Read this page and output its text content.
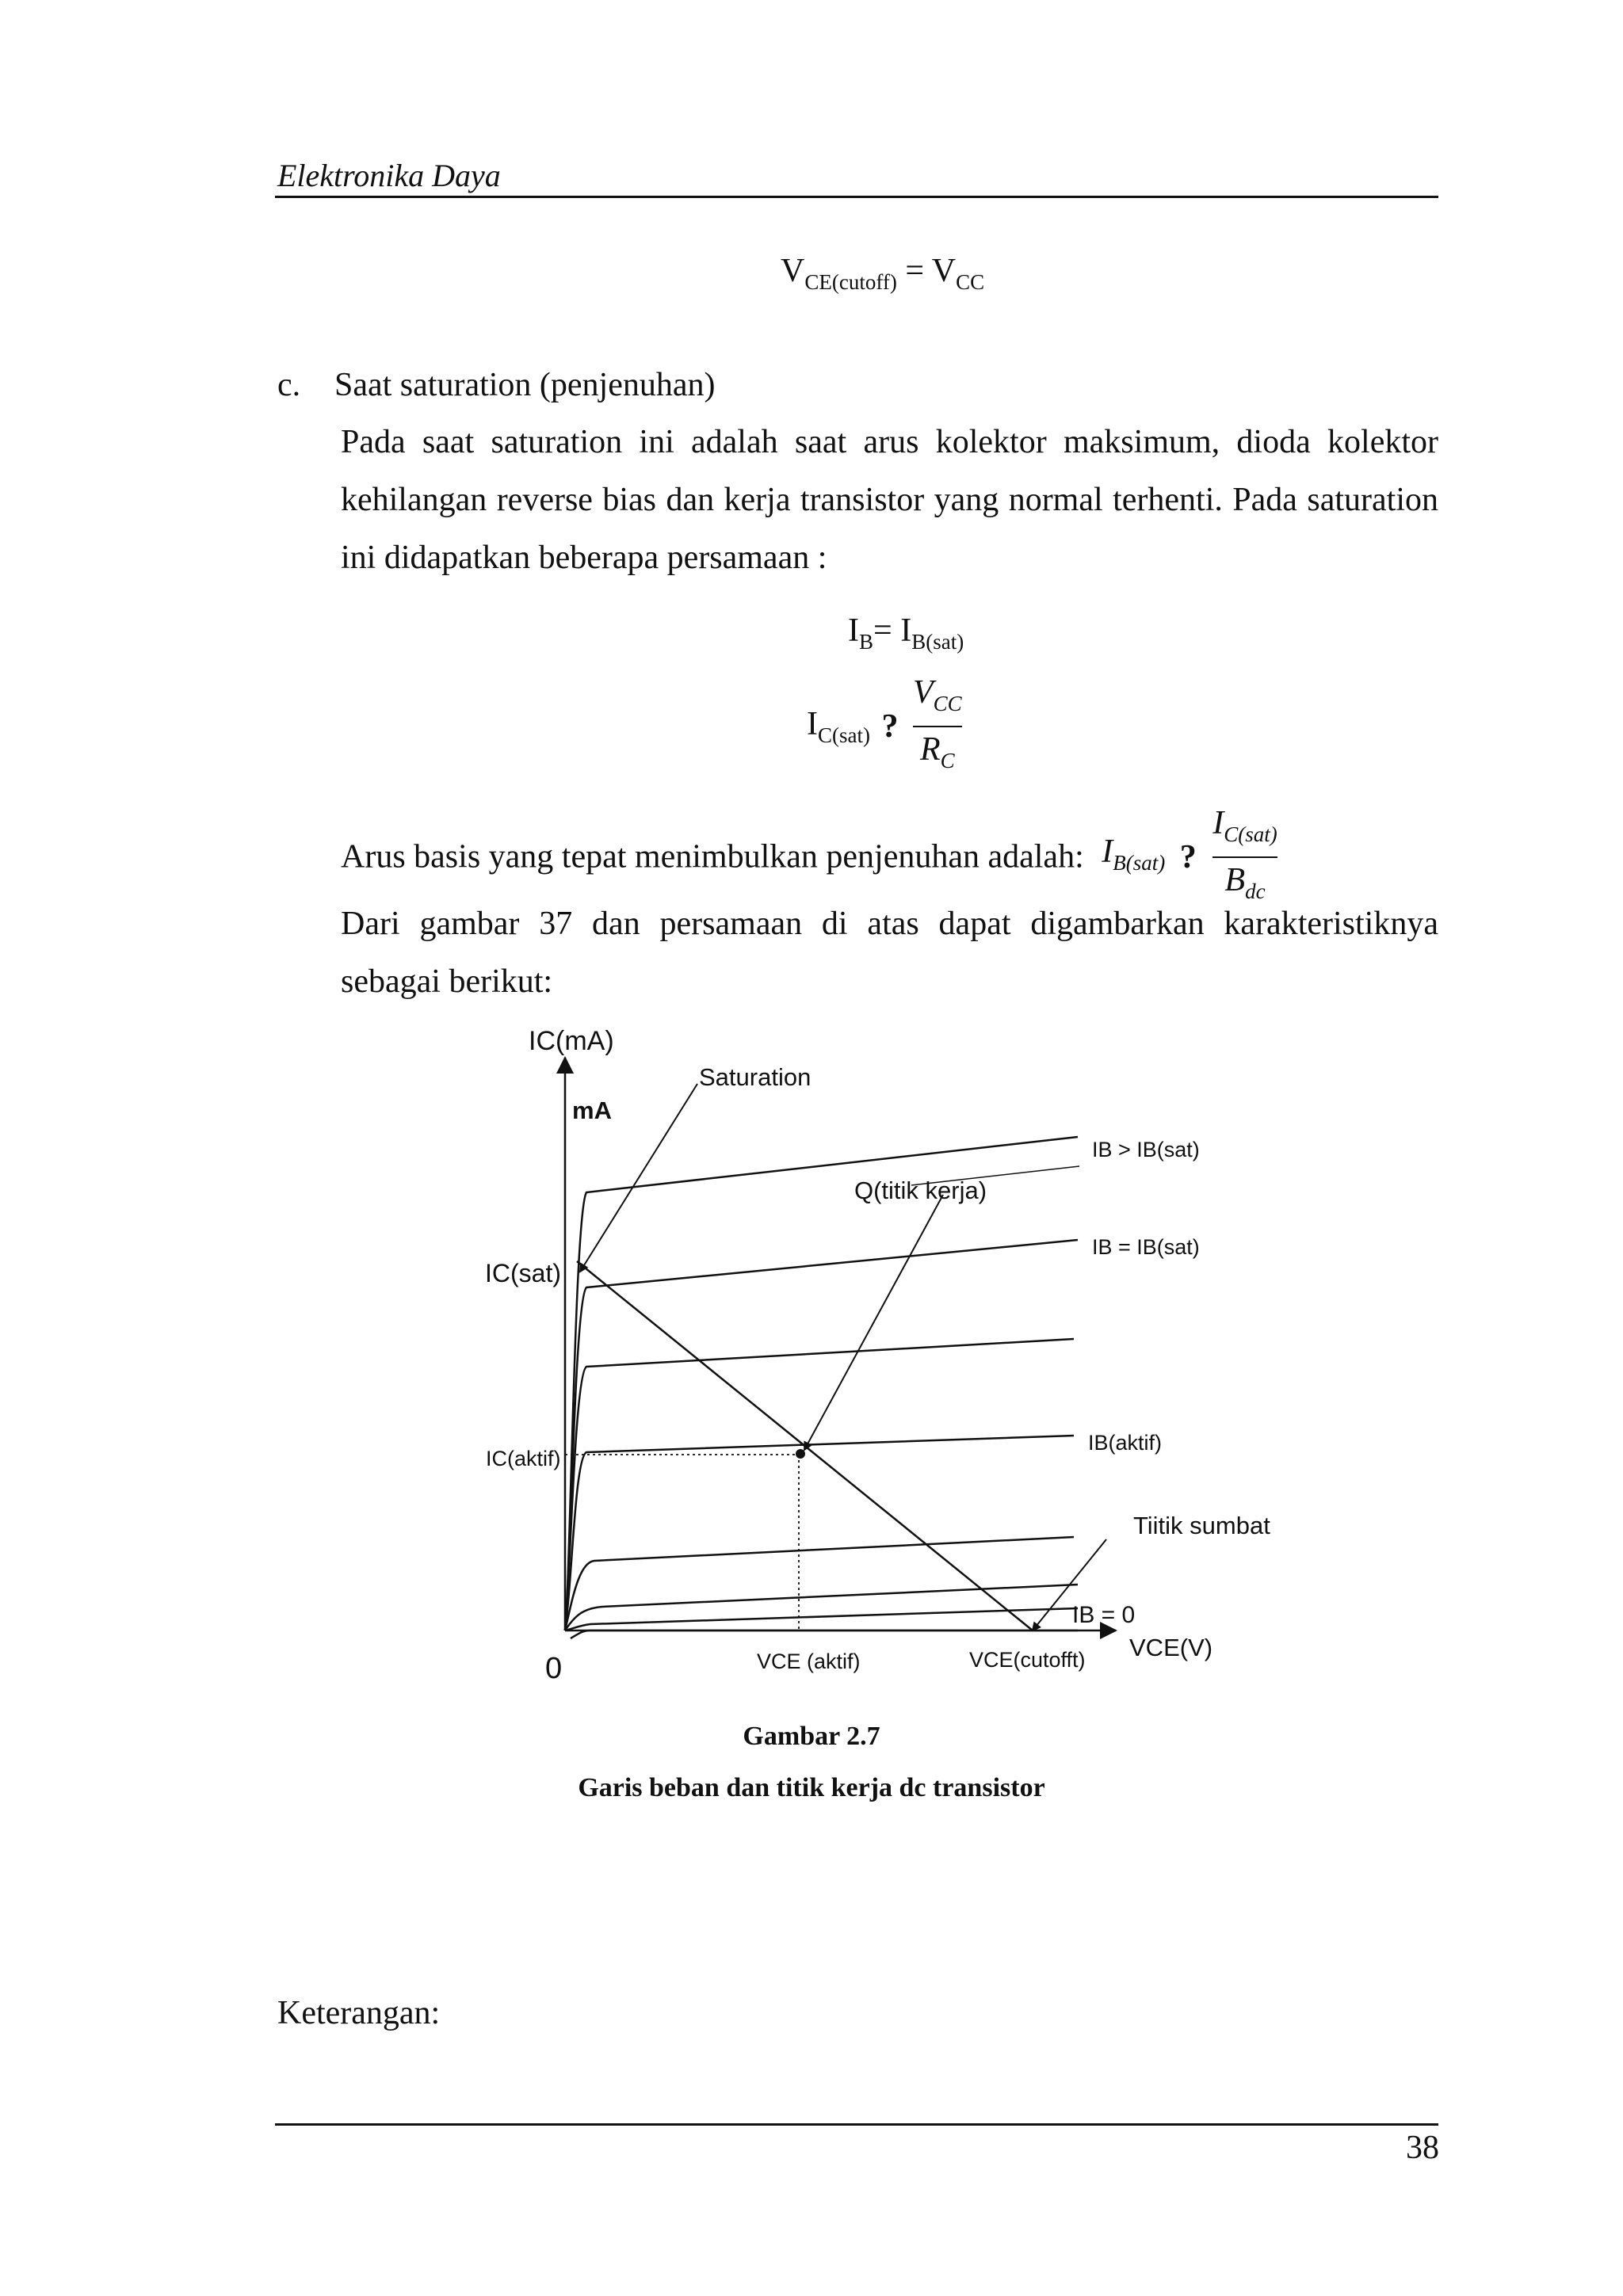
Elektronika Daya
$V_{CE(cutoff)} = V_{CC}$
c. Saat saturation (penjenuhan)
Pada saat saturation ini adalah saat arus kolektor maksimum, dioda kolektor kehilangan reverse bias dan kerja transistor yang normal terhenti. Pada saturation ini didapatkan beberapa persamaan :
$I_B= I_{B(sat)}$
$I_{C(sat)}$ ? $\frac{V_{CC}}{R_C}$
Arus basis yang tepat menimbulkan penjenuhan adalah: $I_{B(sat)}$ ? $\frac{I_{C(sat)}}{B_{dc}}$
Dari gambar 37 dan persamaan di atas dapat digambarkan karakteristiknya sebagai berikut:
IC(mA)
mA
Saturation
Q(titik kerja)
IB > IB(sat)
IB = IB(sat)
IC(sat)
IB(aktif)
IC(aktif)
Tiitik sumbat
IB = 0
VCE(V)
0	VCE (aktif)	VCE(cutofft)
Gambar 2.7
Garis beban dan titik kerja dc transistor
Keterangan:
38
